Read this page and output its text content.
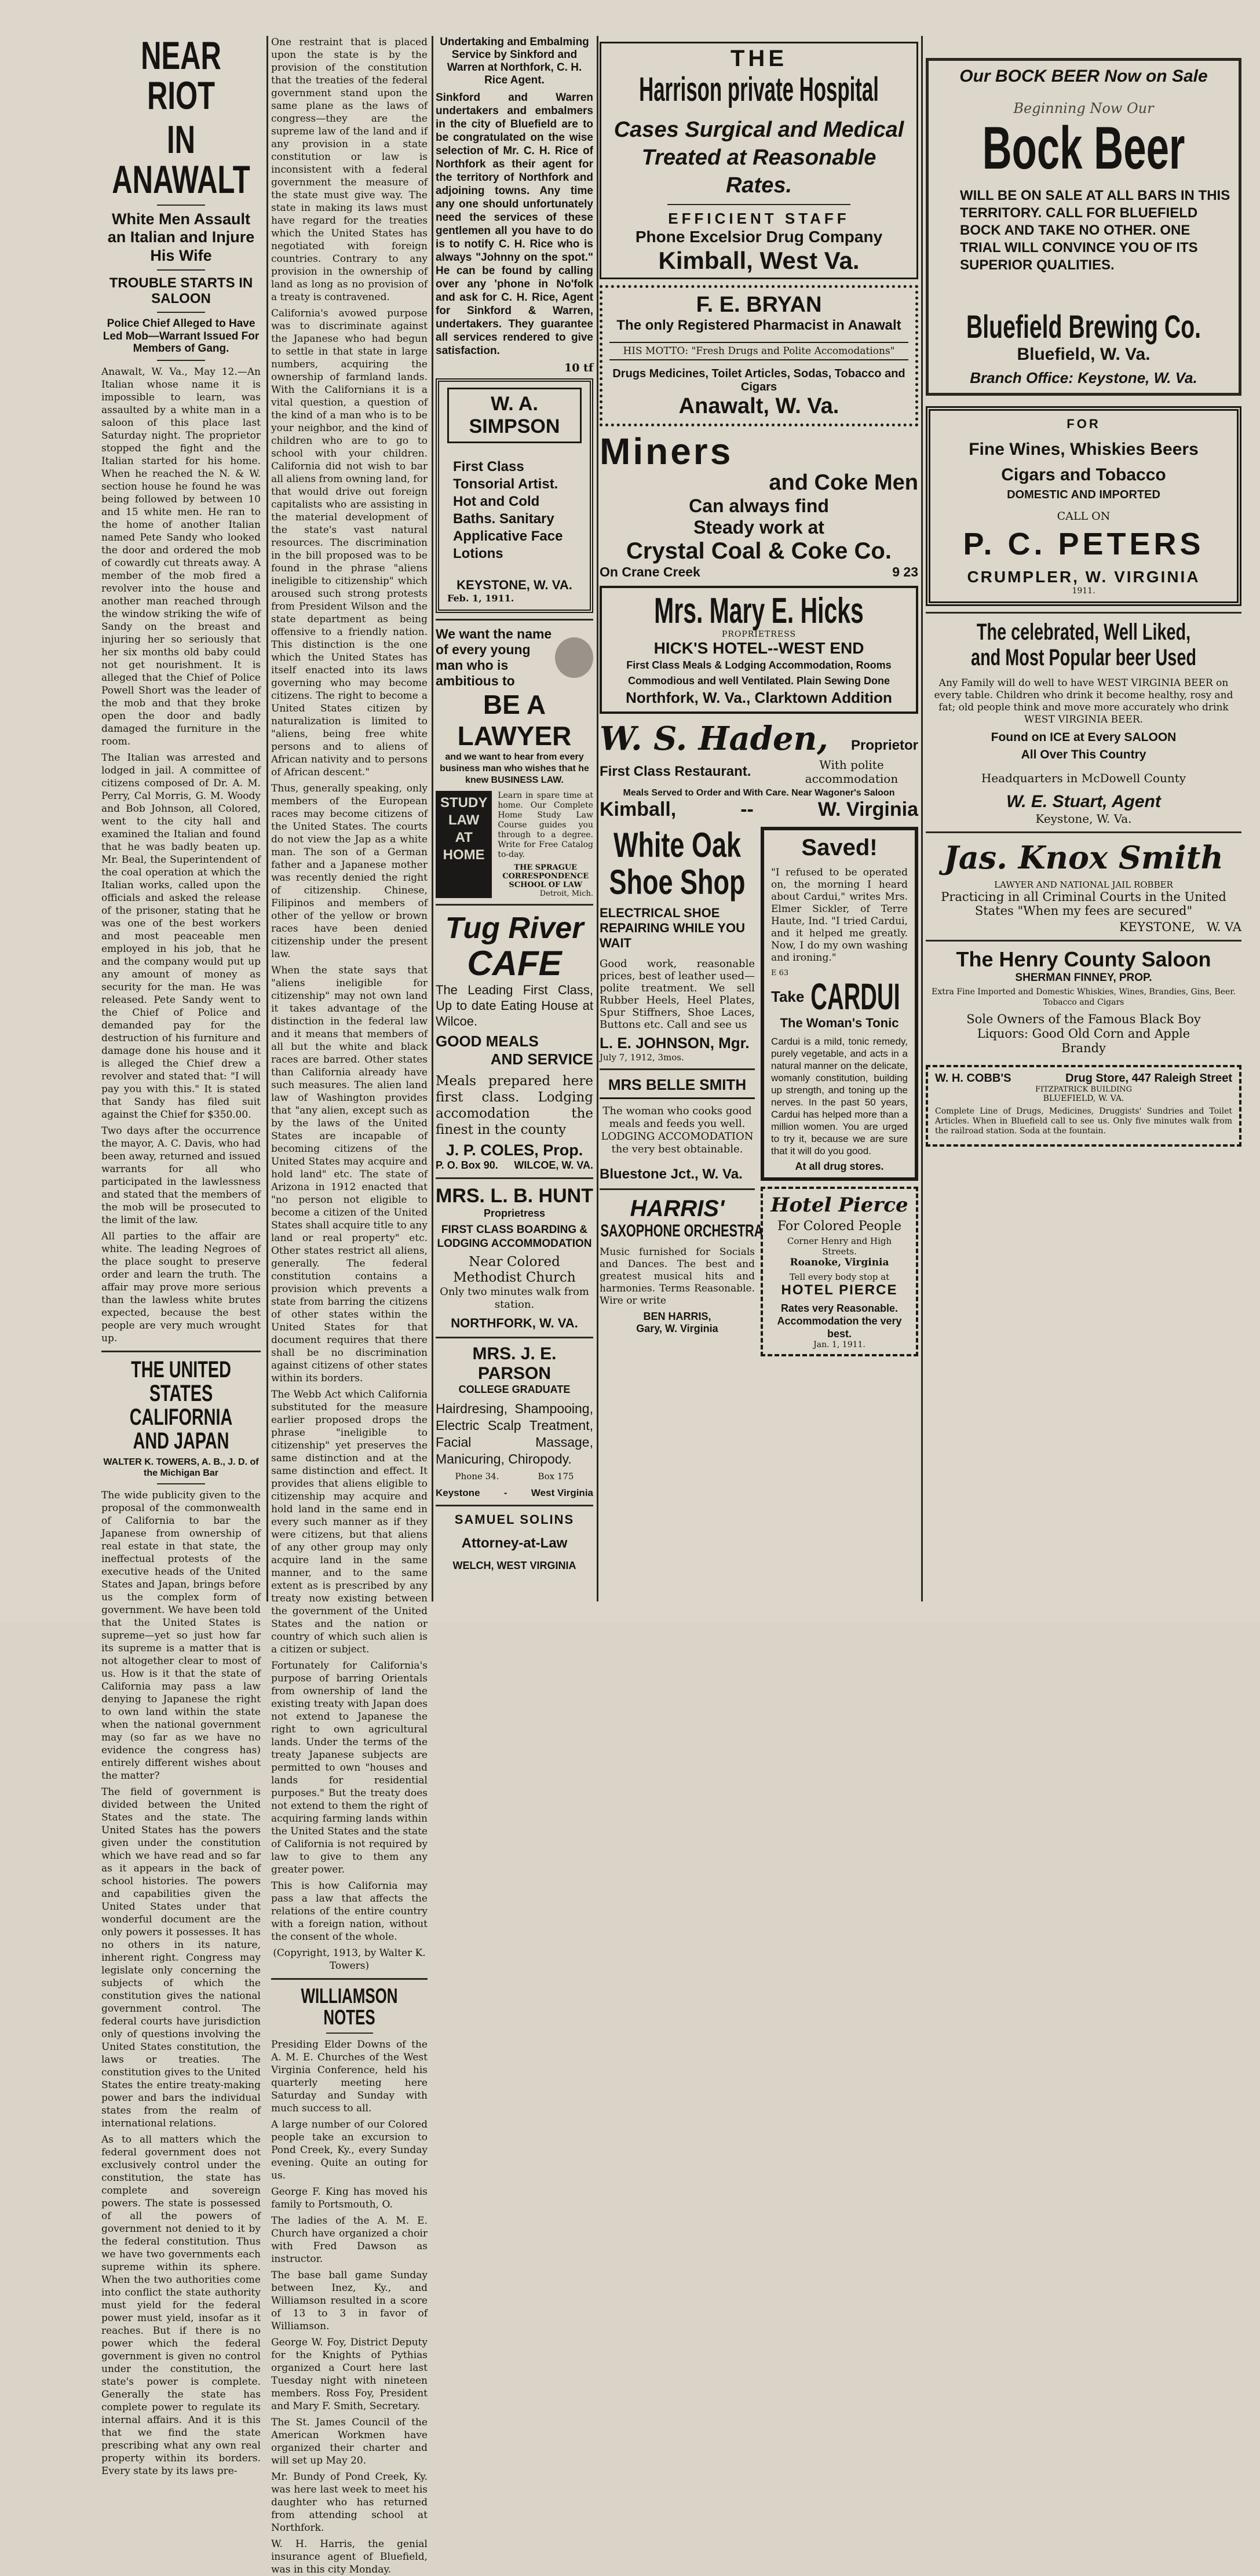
NEAR RIOT
IN ANAWALT
White Men Assault an Italian and Injure His Wife
TROUBLE STARTS IN SALOON
Police Chief Alleged to Have Led Mob—Warrant Issued For Members of Gang.

Anawalt, W. Va., May 12.—An Italian whose name it is impossible to learn, was assaulted by a white man in a saloon of this place last Saturday night. The proprietor stopped the fight and the Italian started for his home. When he reached the N. & W. section house he found he was being followed by between 10 and 15 white men. He ran to the home of another Italian named Pete Sandy who looked the door and ordered the mob of cowardly cut threats away. A member of the mob fired a revolver into the house and another man reached through the window striking the wife of Sandy on the breast and injuring her so seriously that her six months old baby could not get nourishment. It is alleged that the Chief of Police Powell Short was the leader of the mob and that they broke open the door and badly damaged the furniture in the room.

The Italian was arrested and lodged in jail. A committee of citizens composed of Dr. A. M. Perry, Cal Morris, G. M. Woody and Bob Johnson, all Colored, went to the city hall and examined the Italian and found that he was badly beaten up. Mr. Beal, the Superintendent of the coal operation at which the Italian works, called upon the officials and asked the release of the prisoner, stating that he was one of the best workers and most peaceable men employed in his job, that he and the company would put up any amount of money as security for the man. He was released. Pete Sandy went to the Chief of Police and demanded pay for the destruction of his furniture and damage done his house and it is alleged the Chief drew a revolver and stated that: "I will pay you with this." It is stated that Sandy has filed suit against the Chief for $350.00.

Two days after the occurrence the mayor, A. C. Davis, who had been away, returned and issued warrants for all who participated in the lawlessness and stated that the members of the mob will be prosecuted to the limit of the law.

All parties to the affair are white. The leading Negroes of the place sought to preserve order and learn the truth. The affair may prove more serious than the lawless white brutes expected, because the best people are very much wrought up.

THE UNITED STATES
CALIFORNIA
AND JAPAN
WALTER K. TOWERS, A. B., J. D. of the Michigan Bar

The wide publicity given to the proposal of the commonwealth of California to bar the Japanese from ownership of real estate in that state, the ineffectual protests of the executive heads of the United States and Japan, brings before us the complex form of government. We have been told that the United States is supreme—yet so just how far its supreme is a matter that is not altogether clear to most of us. How is it that the state of California may pass a law denying to Japanese the right to own land within the state when the national government may (so far as we have no evidence the congress has) entirely different wishes about the matter?

The field of government is divided between the United States and the state. The United States has the powers given under the constitution which we have read and so far as it appears in the back of school histories. The powers and capabilities given the United States under that wonderful document are the only powers it possesses. It has no others in its nature, inherent right. Congress may legislate only concerning the subjects of which the constitution gives the national government control. The federal courts have jurisdiction only of questions involving the United States constitution, the laws or treaties. The constitution gives to the United States the entire treaty-making power and bars the individual states from the realm of international relations.

As to all matters which the federal government does not exclusively control under the constitution, the state has complete and sovereign powers. The state is possessed of all the powers of government not denied to it by the federal constitution. Thus we have two governments each supreme within its sphere. When the two authorities come into conflict the state authority must yield for the federal power must yield, insofar as it reaches. But if there is no power which the federal government is given no control under the constitution, the state's power is complete. Generally the state has complete power to regulate its internal affairs. And it is this that we find the state prescribing what any own real property within its borders. Every state by its laws pre-

One restraint that is placed upon the state is by the provision of the constitution that the treaties of the federal government stand upon the same plane as the laws of congress—they are the supreme law of the land and if any provision in a state constitution or law is inconsistent with a federal government the measure of the state must give way. The state in making its laws must have regard for the treaties which the United States has negotiated with foreign countries. Contrary to any provision in the ownership of land as long as no provision of a treaty is contravened.

California's avowed purpose was to discriminate against the Japanese who had begun to settle in that state in large numbers, acquiring the ownership of farmland lands. With the Californians it is a vital question, a question of the kind of a man who is to be your neighbor, and the kind of children who are to go to school with your children. California did not wish to bar all aliens from owning land, for that would drive out foreign capitalists who are assisting in the material development of the state's vast natural resources. The discrimination in the bill proposed was to be found in the phrase "aliens ineligible to citizenship" which aroused such strong protests from President Wilson and the state department as being offensive to a friendly nation. This distinction is the one which the United States has itself enacted into its laws governing who may become citizens. The right to become a United States citizen by naturalization is limited to "aliens, being free white persons and to aliens of African nativity and to persons of African descent."

Thus, generally speaking, only members of the European races may become citizens of the United States. The courts do not view the Jap as a white man. The son of a German father and a Japanese mother was recently denied the right of citizenship. Chinese, Filipinos and members of other of the yellow or brown races have been denied citizenship under the present law.

When the state says that "aliens ineligible for citizenship" may not own land it takes advantage of the distinction in the federal law and it means that members of all but the white and black races are barred. Other states than California already have such measures. The alien land law of Washington provides that "any alien, except such as by the laws of the United States are incapable of becoming citizens of the United States may acquire and hold land" etc. The state of Arizona in 1912 enacted that "no person not eligible to become a citizen of the United States shall acquire title to any land or real property" etc. Other states restrict all aliens, generally. The federal constitution contains a provision which prevents a state from barring the citizens of other states within the United States for that document requires that there shall be no discrimination against citizens of other states within its borders.

The Webb Act which California substituted for the measure earlier proposed drops the phrase "ineligible to citizenship" yet preserves the same distinction and at the same distinction and effect. It provides that aliens eligible to citizenship may acquire and hold land in the same end in every such manner as if they were citizens, but that aliens of any other group may only acquire land in the same manner, and to the same extent as is prescribed by any treaty now existing between the government of the United States and the nation or country of which such alien is a citizen or subject.

Fortunately for California's purpose of barring Orientals from ownership of land the existing treaty with Japan does not extend to Japanese the right to own agricultural lands. Under the terms of the treaty Japanese subjects are permitted to own "houses and lands for residential purposes." But the treaty does not extend to them the right of acquiring farming lands within the United States and the state of California is not required by law to give to them any greater power.

This is how California may pass a law that affects the relations of the entire country with a foreign nation, without the consent of the whole.

(Copyright, 1913, by Walter K. Towers)

WILLIAMSON NOTES

Presiding Elder Downs of the A. M. E. Churches of the West Virginia Conference, held his quarterly meeting here Saturday and Sunday with much success to all.

A large number of our Colored people take an excursion to Pond Creek, Ky., every Sunday evening. Quite an outing for us.

George F. King has moved his family to Portsmouth, O.

The ladies of the A. M. E. Church have organized a choir with Fred Dawson as instructor.

The base ball game Sunday between Inez, Ky., and Williamson resulted in a score of 13 to 3 in favor of Williamson.

George W. Foy, District Deputy for the Knights of Pythias organized a Court here last Tuesday night with nineteen members. Ross Foy, President and Mary F. Smith, Secretary.

The St. James Council of the American Workmen have organized their charter and will set up May 20.

Mr. Bundy of Pond Creek, Ky. was here last week to meet his daughter who has returned from attending school at Northfork.

W. H. Harris, the genial insurance agent of Bluefield, was in this city Monday.

Undertaking and Embalming Service by Sinkford and Warren at Northfork, C. H. Rice Agent.

Sinkford and Warren undertakers and embalmers in the city of Bluefield are to be congratulated on the wise selection of Mr. C. H. Rice of Northfork as their agent for the territory of Northfork and adjoining towns. Any time any one should unfortunately need the services of these gentlemen all you have to do is to notify C. H. Rice who is always "Johnny on the spot." He can be found by calling over any 'phone in No'folk and ask for C. H. Rice, Agent for Sinkford & Warren, undertakers. They guarantee all services rendered to give satisfaction.

10 tf

W. A. SIMPSON
First Class Tonsorial Artist. Hot and Cold Baths. Sanitary Applicative Face Lotions
KEYSTONE, W. VA.
Feb. 1, 1911.
We want the name of every young man who is ambitious to
BE A LAWYER
and we want to hear from every business man who wishes that he knew BUSINESS LAW.
STUDY
LAW
AT
HOME

Learn in spare time at home. Our Complete Home Study Law Course guides you through to a degree. Write for Free Catalog to-day.

THE SPRAGUE CORRESPONDENCE SCHOOL OF LAW
Detroit, Mich.
Tug River
CAFE

The Leading First Class, Up to date Eating House at Wilcoe.

GOOD MEALS
AND SERVICE

Meals prepared here first class. Lodging accomodation the finest in the county

J. P. COLES, Prop.
P. O. Box 90. WILCOE, W. VA.
MRS. L. B. HUNT
Proprietress
FIRST CLASS BOARDING & LODGING ACCOMMODATION
Near Colored Methodist Church
Only two minutes walk from station.
NORTHFORK, W. VA.
MRS. J. E. PARSON
COLLEGE GRADUATE

Hairdresing, Shampooing, Electric Scalp Treatment, Facial Massage, Manicuring, Chiropody.

Phone 34.	Box 175
Keystone - West Virginia
SAMUEL SOLINS
Attorney-at-Law
WELCH, WEST VIRGINIA
THE
Harrison private Hospital
Cases Surgical and Medical Treated at Reasonable Rates.
EFFICIENT STAFF
Phone Excelsior Drug Company
Kimball, West Va.
F. E. BRYAN
The only Registered Pharmacist in Anawalt
HIS MOTTO: "Fresh Drugs and Polite Accomodations"
Drugs Medicines, Toilet Articles, Sodas, Tobacco and Cigars
Anawalt, W. Va.
Miners
and Coke Men
Can always find
Steady work at
Crystal Coal & Coke Co.
On Crane Creek	9 23
Mrs. Mary E. Hicks
PROPRIETRESS
HICK'S HOTEL--WEST END
First Class Meals & Lodging Accommodation, Rooms Commodious and well Ventilated. Plain Sewing Done
Northfork, W. Va., Clarktown Addition
W. S. Haden, Proprietor
First Class Restaurant.	With polite accommodation
Meals Served to Order and With Care. Near Wagoner's Saloon
Kimball,	--	W. Virginia
White Oak
Shoe Shop
ELECTRICAL SHOE REPAIRING WHILE YOU WAIT

Good work, reasonable prices, best of leather used—polite treatment. We sell Rubber Heels, Heel Plates, Spur Stiffners, Shoe Laces, Buttons etc. Call and see us

L. E. JOHNSON, Mgr.
July 7, 1912, 3mos.
MRS BELLE SMITH

The woman who cooks good meals and feeds you well. LODGING ACCOMODATION the very best obtainable.

Bluestone Jct., W. Va.
HARRIS'
SAXOPHONE ORCHESTRA

Music furnished for Socials and Dances. The best and greatest musical hits and harmonies. Terms Reasonable. Wire or write

BEN HARRIS,
Gary, W. Virginia
Saved!

"I refused to be operated on, the morning I heard about Cardui," writes Mrs. Elmer Sickler, of Terre Haute, Ind. "I tried Cardui, and it helped me greatly. Now, I do my own washing and ironing."

E 63
Take CARDUI
The Woman's Tonic

Cardui is a mild, tonic remedy, purely vegetable, and acts in a natural manner on the delicate, womanly constitution, building up strength, and toning up the nerves. In the past 50 years, Cardui has helped more than a million women. You are urged to try it, because we are sure that it will do you good.

At all drug stores.
Hotel Pierce
For Colored People
Corner Henry and High Streets.
Roanoke, Virginia
Tell every body stop at
HOTEL PIERCE
Rates very Reasonable. Accommodation the very best.
Jan. 1, 1911.
Our BOCK BEER Now on Sale
Beginning Now Our
Bock Beer
WILL BE ON SALE AT ALL BARS IN THIS TERRITORY. CALL FOR BLUEFIELD BOCK AND TAKE NO OTHER. ONE TRIAL WILL CONVINCE YOU OF ITS SUPERIOR QUALITIES.
Bluefield Brewing Co.
Bluefield, W. Va.
Branch Office: Keystone, W. Va.
FOR
Fine Wines, Whiskies Beers
Cigars and Tobacco
DOMESTIC AND IMPORTED
CALL ON
P. C. PETERS
CRUMPLER, W. VIRGINIA
1911.
The celebrated, Well Liked,
and Most Popular beer Used

Any Family will do well to have WEST VIRGINIA BEER on every table. Children who drink it become healthy, rosy and fat; old people think and move more accurately who drink WEST VIRGINIA BEER.

Found on ICE at Every SALOON
All Over This Country
Headquarters in McDowell County
W. E. Stuart, Agent
Keystone, W. Va.
Jas. Knox Smith
LAWYER AND NATIONAL JAIL ROBBER
Practicing in all Criminal Courts in the United States "When my fees are secured"
KEYSTONE, W. VA
The Henry County Saloon
SHERMAN FINNEY, PROP.
Extra Fine Imported and Domestic Whiskies, Wines, Brandies, Gins, Beer. Tobacco and Cigars
Sole Owners of the Famous Black Boy Liquors: Good Old Corn and Apple Brandy
W. H. COBB'S	Drug Store, 447 Raleigh Street
FITZPATRICK BUILDING
BLUEFIELD, W. VA.

Complete Line of Drugs, Medicines, Druggists' Sundries and Toilet Articles. When in Bluefield call to see us. Only five minutes walk from the railroad station. Soda at the fountain.
